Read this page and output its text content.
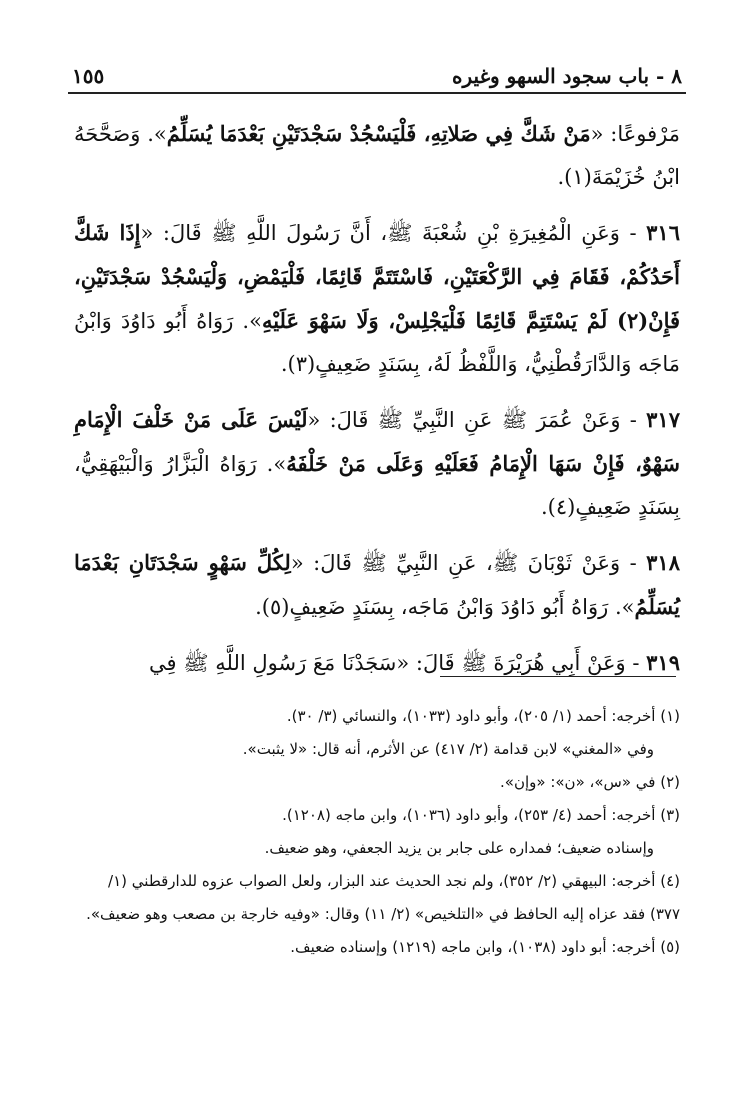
٨ - باب سجود السهو وغيره
١٥٥

مَرْفوعًا: «مَنْ شَكَّ فِي صَلاتِهِ، فَلْيَسْجُدْ سَجْدَتَيْنِ بَعْدَمَا يُسَلِّمُ». وَصَحَّحَهُ ابْنُ خُزَيْمَةَ(١).

٣١٦ - وَعَنِ الْمُغِيرَةِ بْنِ شُعْبَةَ ﷺ، أَنَّ رَسُولَ اللَّهِ ﷺ قَالَ: «إِذَا شَكَّ أَحَدُكُمْ، فَقَامَ فِي الرَّكْعَتَيْنِ، فَاسْتَتَمَّ قَائِمًا، فَلْيَمْضِ، وَلْيَسْجُدْ سَجْدَتَيْنِ، فَإِنْ(٢) لَمْ يَسْتَتِمَّ قَائِمًا فَلْيَجْلِسْ، وَلَا سَهْوَ عَلَيْهِ». رَوَاهُ أَبُو دَاوُدَ وَابْنُ مَاجَه وَالدَّارَقُطْنِيُّ، وَاللَّفْظُ لَهُ، بِسَنَدٍ ضَعِيفٍ(٣).

٣١٧ - وَعَنْ عُمَرَ ﷺ عَنِ النَّبِيِّ ﷺ قَالَ: «لَيْسَ عَلَى مَنْ خَلْفَ الْإِمَامِ سَهْوٌ، فَإِنْ سَهَا الْإِمَامُ فَعَلَيْهِ وَعَلَى مَنْ خَلْفَهُ». رَوَاهُ الْبَزَّارُ وَالْبَيْهَقِيُّ، بِسَنَدٍ ضَعِيفٍ(٤).

٣١٨ - وَعَنْ ثَوْبَانَ ﷺ، عَنِ النَّبِيِّ ﷺ قَالَ: «لِكُلِّ سَهْوٍ سَجْدَتَانِ بَعْدَمَا يُسَلِّمُ». رَوَاهُ أَبُو دَاوُدَ وَابْنُ مَاجَه، بِسَنَدٍ ضَعِيفٍ(٥).

٣١٩ - وَعَنْ أَبِي هُرَيْرَةَ ﷺ قَالَ: «سَجَدْنَا مَعَ رَسُولِ اللَّهِ ﷺ فِي

(١) أخرجه: أحمد (١/ ٢٠٥)، وأبو داود (١٠٣٣)، والنسائي (٣/ ٣٠).

وفي «المغني» لابن قدامة (٢/ ٤١٧) عن الأثرم، أنه قال: «لا يثبت».

(٢) في «س»، «ن»: «وإن».

(٣) أخرجه: أحمد (٤/ ٢٥٣)، وأبو داود (١٠٣٦)، وابن ماجه (١٢٠٨).

وإسناده ضعيف؛ فمداره على جابر بن يزيد الجعفي، وهو ضعيف.

(٤) أخرجه: البيهقي (٢/ ٣٥٢)، ولم نجد الحديث عند البزار، ولعل الصواب عزوه للدارقطني (١/ ٣٧٧) فقد عزاه إليه الحافظ في «التلخيص» (٢/ ١١) وقال: «وفيه خارجة بن مصعب وهو ضعيف».

(٥) أخرجه: أبو داود (١٠٣٨)، وابن ماجه (١٢١٩) وإسناده ضعيف.
